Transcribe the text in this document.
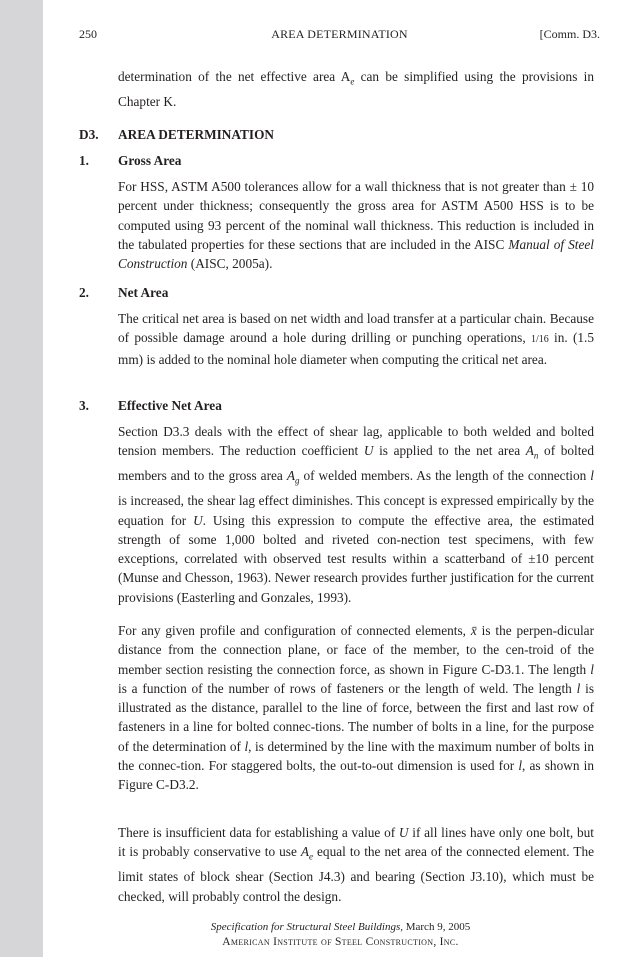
250	AREA DETERMINATION	[Comm. D3.

determination of the net effective area $A_e$ can be simplified using the provisions in Chapter K.

D3. AREA DETERMINATION
1. Gross Area

For HSS, ASTM A500 tolerances allow for a wall thickness that is not greater than ± 10 percent under thickness; consequently the gross area for ASTM A500 HSS is to be computed using 93 percent of the nominal wall thickness. This reduction is included in the tabulated properties for these sections that are included in the AISC Manual of Steel Construction (AISC, 2005a).

2. Net Area

The critical net area is based on net width and load transfer at a particular chain. Because of possible damage around a hole during drilling or punching operations, 1/16 in. (1.5 mm) is added to the nominal hole diameter when computing the critical net area.

3. Effective Net Area

Section D3.3 deals with the effect of shear lag, applicable to both welded and bolted tension members. The reduction coefficient U is applied to the net area $A_n$ of bolted members and to the gross area $A_g$ of welded members. As the length of the connection l is increased, the shear lag effect diminishes. This concept is expressed empirically by the equation for U. Using this expression to compute the effective area, the estimated strength of some 1,000 bolted and riveted con-nection test specimens, with few exceptions, correlated with observed test results within a scatterband of ±10 percent (Munse and Chesson, 1963). Newer research provides further justification for the current provisions (Easterling and Gonzales, 1993).

For any given profile and configuration of connected elements, x̄ is the perpen-dicular distance from the connection plane, or face of the member, to the cen-troid of the member section resisting the connection force, as shown in Figure C-D3.1. The length l is a function of the number of rows of fasteners or the length of weld. The length l is illustrated as the distance, parallel to the line of force, between the first and last row of fasteners in a line for bolted connec-tions. The number of bolts in a line, for the purpose of the determination of l, is determined by the line with the maximum number of bolts in the connec-tion. For staggered bolts, the out-to-out dimension is used for l, as shown in Figure C-D3.2.

There is insufficient data for establishing a value of U if all lines have only one bolt, but it is probably conservative to use $A_e$ equal to the net area of the connected element. The limit states of block shear (Section J4.3) and bearing (Section J3.10), which must be checked, will probably control the design.

Specification for Structural Steel Buildings, March 9, 2005
American Institute of Steel Construction, Inc.
